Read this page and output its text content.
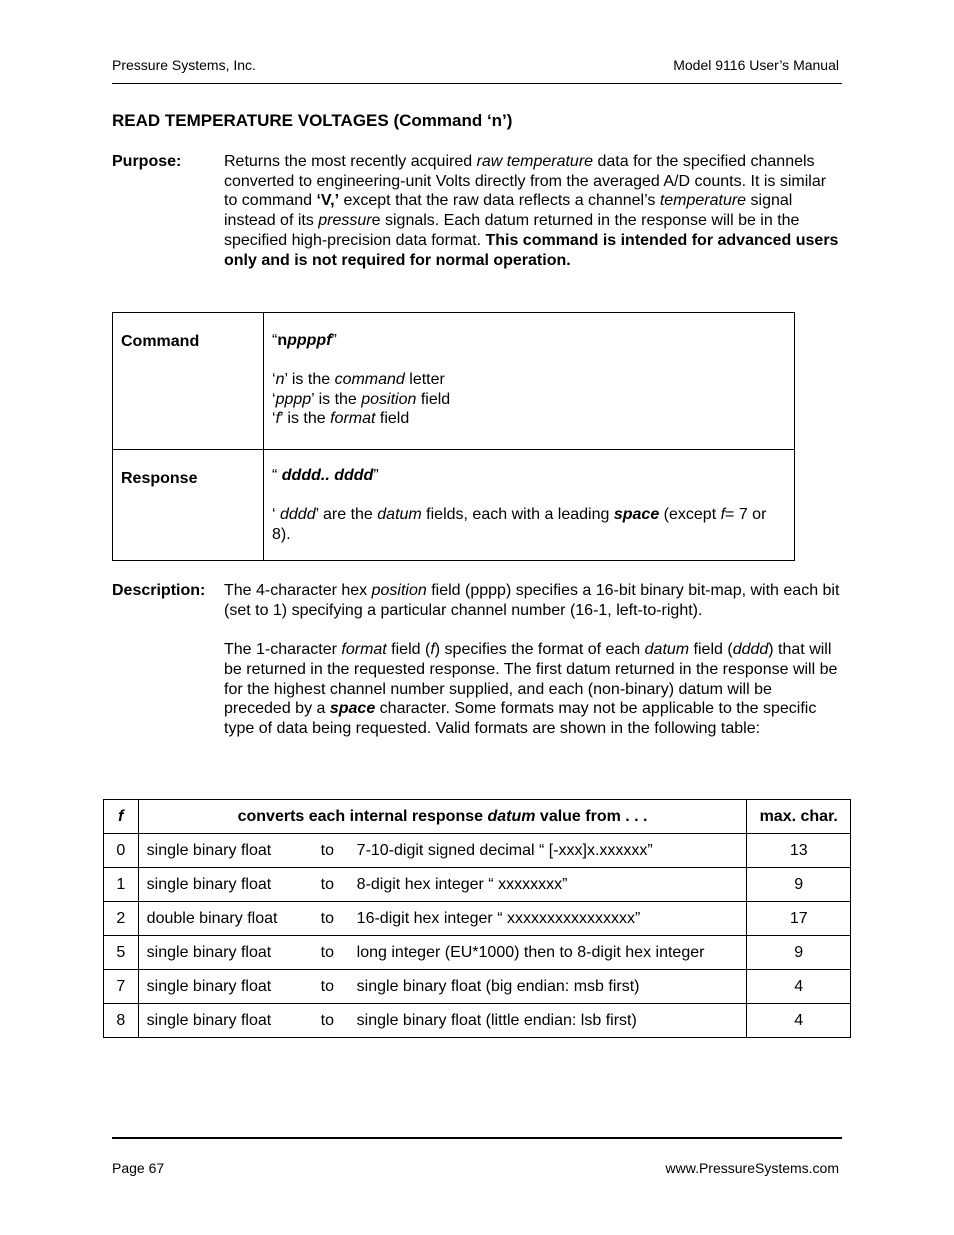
Pressure Systems, Inc.	Model 9116 User’s Manual
READ TEMPERATURE VOLTAGES (Command ‘n’)
Purpose:	Returns the most recently acquired raw temperature data for the specified channels converted to engineering-unit Volts directly from the averaged A/D counts. It is similar to command ‘V,’ except that the raw data reflects a channel’s temperature signal instead of its pressure signals. Each datum returned in the response will be in the specified high-precision data format. This command is intended for advanced users only and is not required for normal operation.

Command	“nppppf”

‘n’ is the command letter
‘pppp’ is the position field
‘f’ is the format field

Response	“ dddd.. dddd”

‘ dddd’ are the datum fields, each with a leading space (except f= 7 or 8).

Description: The 4-character hex position field (pppp) specifies a 16-bit binary bit-map, with each bit (set to 1) specifying a particular channel number (16-1, left-to-right).

The 1-character format field (f) specifies the format of each datum field (dddd) that will be returned in the requested response. The first datum returned in the response will be for the highest channel number supplied, and each (non-binary) datum will be preceded by a space character. Some formats may not be applicable to the specific type of data being requested. Valid formats are shown in the following table:

f	converts each internal response datum value from . . .	max. char.
0	single binary float to 7-10-digit signed decimal “ [-xxx]x.xxxxxx”	13
1	single binary float to 8-digit hex integer “ xxxxxxxx”	9
2	double binary float to 16-digit hex integer “ xxxxxxxxxxxxxxxx”	17
5	single binary float to long integer (EU*1000) then to 8-digit hex integer	9
7	single binary float to single binary float (big endian: msb first)	4
8	single binary float to single binary float (little endian: lsb first)	4
Page 67	www.PressureSystems.com
